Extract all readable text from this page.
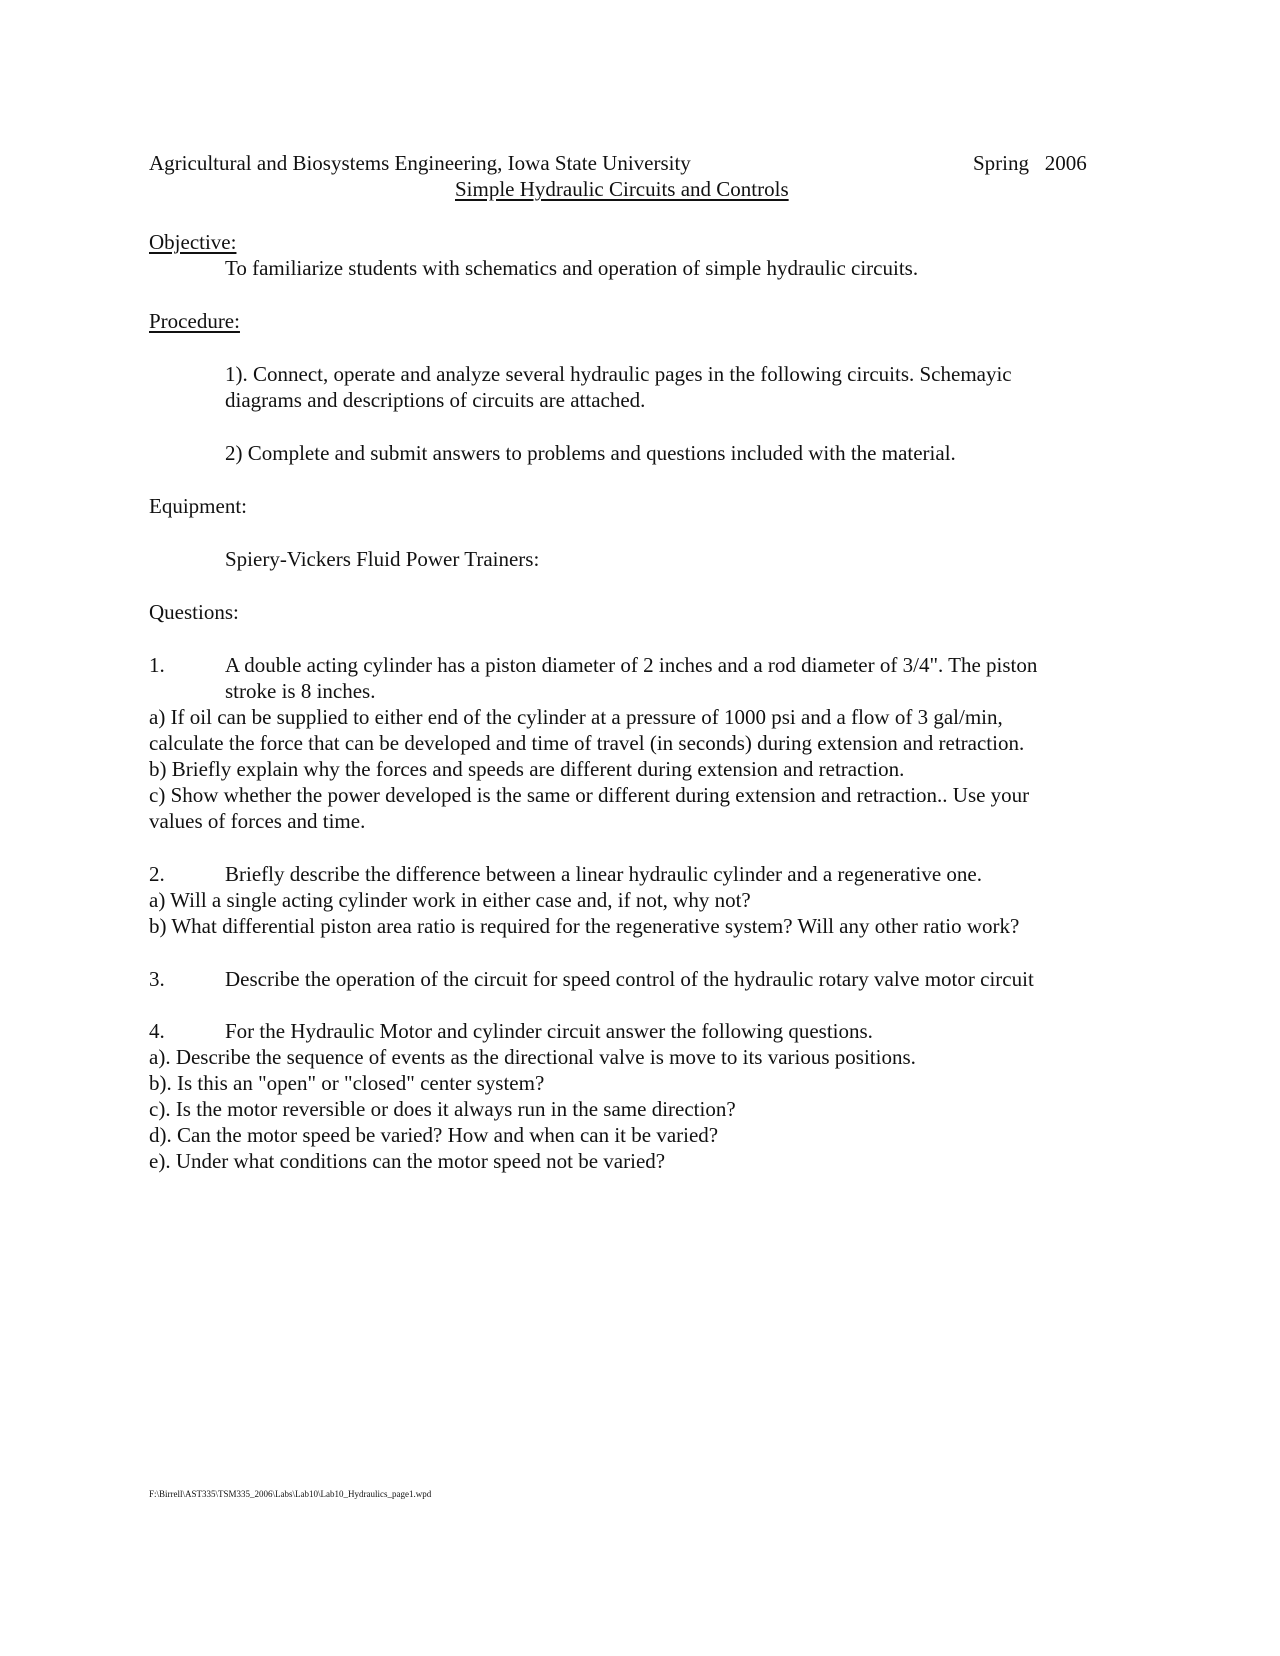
Agricultural and Biosystems Engineering, Iowa State University	Spring   2006
Simple Hydraulic Circuits and Controls
Objective:
To familiarize students with schematics and operation of simple hydraulic circuits.
Procedure:
1). Connect, operate and analyze several hydraulic pages in the following circuits. Schemayic
diagrams and descriptions of circuits are attached.
2) Complete and submit answers to problems and questions included with the material.
Equipment:
Spiery-Vickers Fluid Power Trainers:
Questions:
1.	A double acting cylinder has a piston diameter of 2 inches and a rod diameter of 3/4". The piston
stroke is 8 inches.
a) If oil can be supplied to either end of the cylinder at a pressure of 1000 psi and a flow of 3 gal/min,
calculate the force that can be developed and time of travel (in seconds) during extension and retraction.
b) Briefly explain why the forces and speeds are different during extension and retraction.
c) Show whether the power developed is the same or different during extension and retraction.. Use your
values of forces and time.
2.	Briefly describe the difference between a linear hydraulic cylinder and a regenerative one.
a) Will a single acting cylinder work in either case and, if not, why not?
b) What differential piston area ratio is required for the regenerative system? Will any other ratio work?
3.	Describe the operation of the circuit for speed control of the hydraulic rotary valve motor circuit
4.	For the Hydraulic Motor and cylinder circuit answer the following questions.
a). Describe the sequence of events as the directional valve is move to its various positions.
b). Is this an "open" or "closed" center system?
c). Is the motor reversible or does it always run in the same direction?
d). Can the motor speed be varied? How and when can it be varied?
e). Under what conditions can the motor speed not be varied?
F:\Birrell\AST335\TSM335_2006\Labs\Lab10\Lab10_Hydraulics_page1.wpd
